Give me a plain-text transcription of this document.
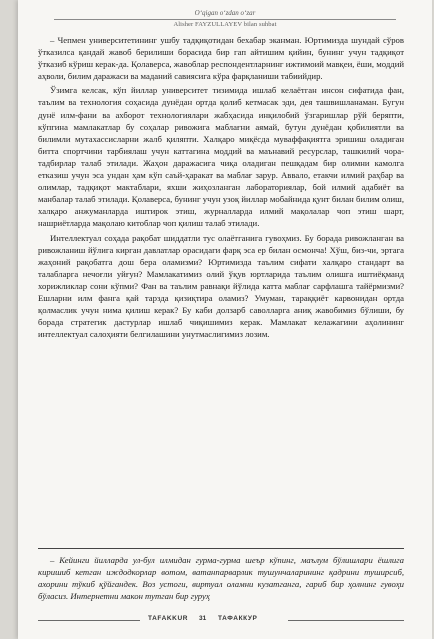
O‘qigan o‘zdan o‘zar
Alisher FAYZULLAYEV bilan suhbat

– Чепмен университетининг ушбу тадқиқотидан бехабар эканман. Юртимизда шундай сўров ўтказилса қандай жавоб берилиши борасида бир гап айтишим қийин, бунинг учун тадқиқот ўтказиб кўриш керак-да. Қолаверса, жавоблар респондентларнинг ижтимоий мавқеи, ёши, моддий аҳволи, билим даражаси ва маданий савиясига кўра фарқланиши табиийдир.

Ўзимга келсак, кўп йиллар университет тизимида ишлаб келаётган инсон сифатида фан, таълим ва технология соҳасида дунёдан ортда қолиб кетмасак эди, дея ташвишланаман. Бугун дунё илм-фани ва ахборот технологиялари жабҳасида инқилобий ўзгаришлар рўй беряпти, кўпгина мамлакатлар бу соҳалар ривожига маблағни аямай, бутун дунёдан қобилиятли ва билимли мутахассисларни жалб қиляпти. Халқаро миқёсда муваффақиятга эришиш оладиган битта спортчини тарбиялаш учун каттагина моддий ва маънавий ресурслар, ташкилий чора-тадбирлар талаб этилади. Жаҳон даражасига чиқа оладиган пешқадам бир олимни камолга етказиш учун эса ундан ҳам кўп саъй-ҳаракат ва маблағ зарур. Аввало, етакчи илмий раҳбар ва олимлар, тадқиқот мактаблари, яхши жиҳозланган лабораториялар, бой илмий адабиёт ва манбалар талаб этилади. Қолаверса, бунинг учун узоқ йиллар мобайнида қунт билан билим олиш, халқаро анжуманларда иштирок этиш, журналларда илмий мақолалар чоп этиш шарт, нашриётларда мақолаю китоблар чоп қилиш талаб этилади.

Интеллектуал соҳада рақобат шиддатли тус олаётганига гувоҳмиз. Бу борада ривожланган ва ривожланиш йўлига кирган давлатлар орасидаги фарқ эса ер билан осмонча! Хўш, биз-чи, эртага жаҳоний рақобатга дош бера оламизми? Юртимизда таълим сифати халқаро стандарт ва талабларга нечоғли уйғун? Мамлакатимиз олий ўқув юртларида таълим олишга иштиёқманд хорижликлар сони кўпми? Фан ва таълим равнақи йўлида катта маблағ сарфлашга тайёрмизми? Ешларни илм фанга қай тарзда қизиқтира оламиз? Умуман, тараққиёт карвонидан ортда қолмаслик учун нима қилиш керак? Бу каби долзарб саволларга аниқ жавобимиз бўлиши, бу борада стратегик дастурлар ишлаб чиқишимиз керак. Мамлакат келажагини аҳолининг интеллектуал салоҳияти белгилашини унутмаслигимиз лозим.

– Кейинги йилларда ул-бул илмидан гурма-гурма шеър кўпинг, маълум бўлишлари ёшлига киришиб кетган иждодкорлар вотом, ватанпарварлик тушунчаларининг қадрини туширсиб, ахорини тўкиб қўйгандек. Воз устоги, виртуал оламни кузатганга, гариб бир ҳолнинг гувоҳи бўласиз. Интернетни макон тутган бир гуруҳ

TAFAKKUR 31 ТАФАККУР
